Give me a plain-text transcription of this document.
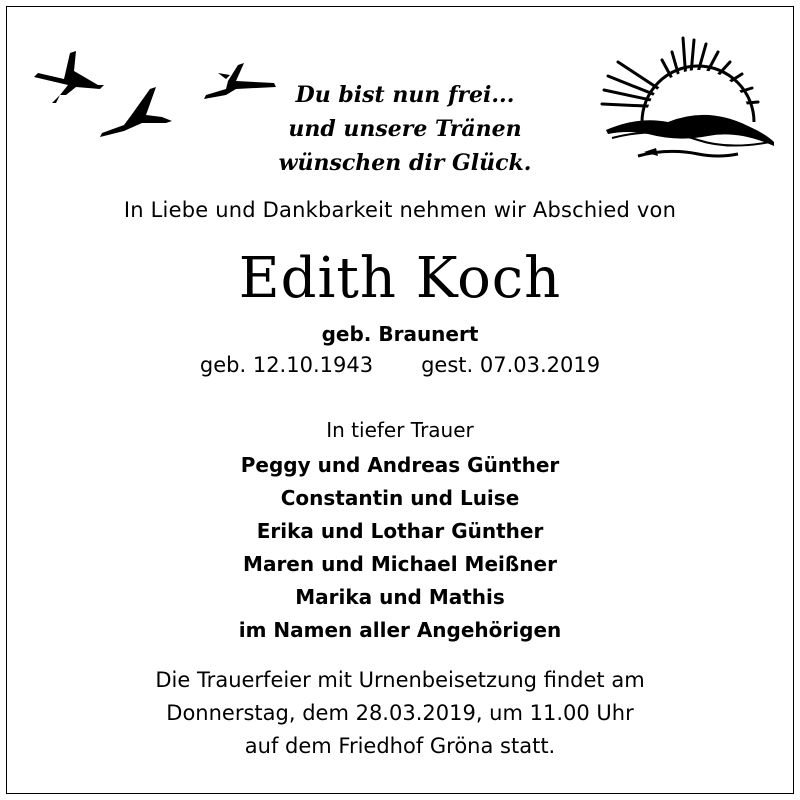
Du bist nun frei...
und unsere Tränen
wünschen dir Glück.
In Liebe und Dankbarkeit nehmen wir Abschied von
Edith Koch
geb. Braunert
geb. 12.10.1943 gest. 07.03.2019
In tiefer Trauer
Peggy und Andreas Günther
Constantin und Luise
Erika und Lothar Günther
Maren und Michael Meißner
Marika und Mathis
im Namen aller Angehörigen
Die Trauerfeier mit Urnenbeisetzung findet am
Donnerstag, dem 28.03.2019, um 11.00 Uhr
auf dem Friedhof Gröna statt.
